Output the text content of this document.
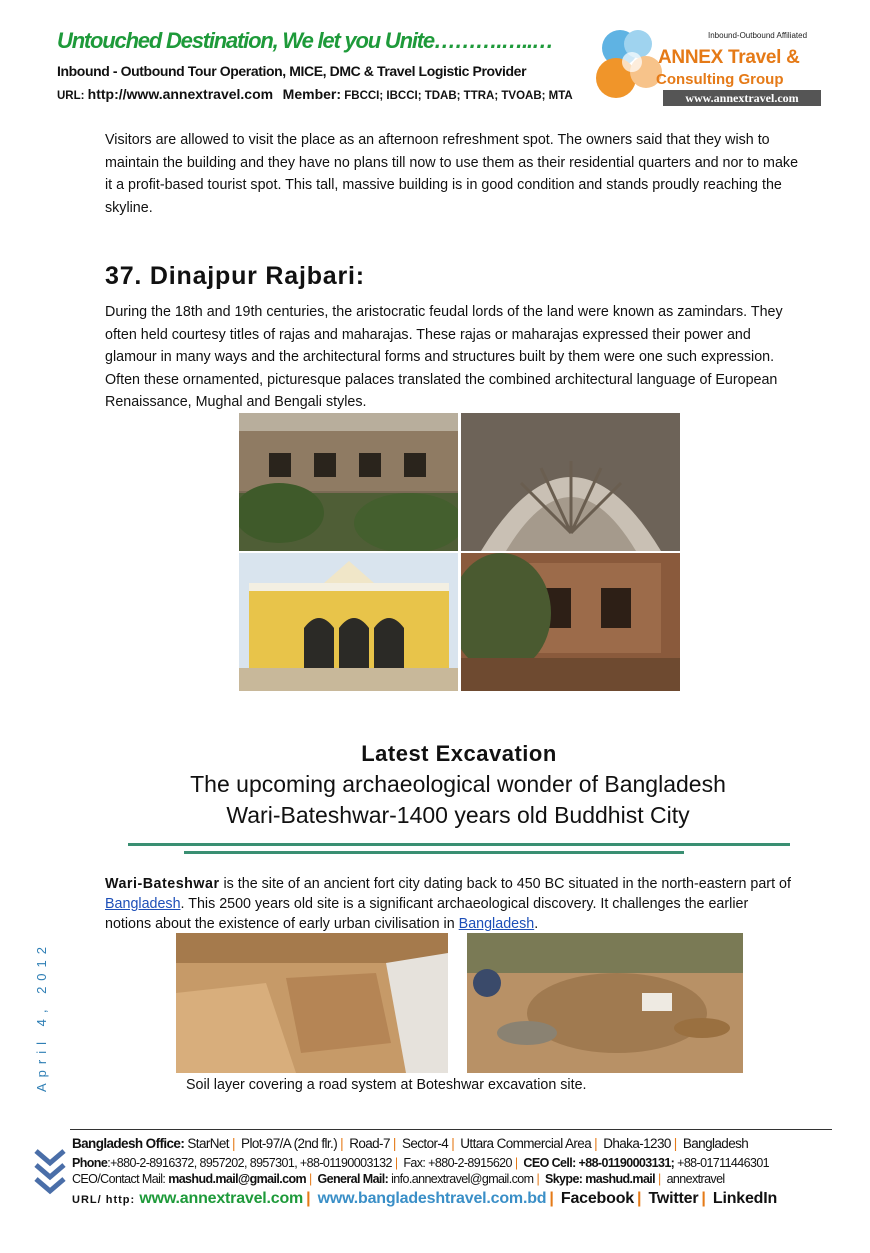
Untouched Destination, We let you Unite……….…..…
Inbound - Outbound Tour Operation, MICE, DMC & Travel Logistic Provider
URL: http://www.annextravel.com Member: FBCCI; IBCCI; TDAB; TTRA; TVOAB; MTA
Inbound-Outbound Affiliated
ANNEX Travel &
Consulting Group
www.annextravel.com

Visitors are allowed to visit the place as an afternoon refreshment spot. The owners said that they wish to maintain the building and they have no plans till now to use them as their residential quarters and nor to make it a profit-based tourist spot. This tall, massive building is in good condition and stands proudly reaching the skyline.

37. Dinajpur Rajbari:

During the 18th and 19th centuries, the aristocratic feudal lords of the land were known as zamindars. They often held courtesy titles of rajas and maharajas. These rajas or maharajas expressed their power and glamour in many ways and the architectural forms and structures built by them were one such expression. Often these ornamented, picturesque palaces translated the combined architectural language of European Renaissance, Mughal and Bengali styles.

Latest Excavation
The upcoming archaeological wonder of Bangladesh
Wari-Bateshwar-1400 years old Buddhist City

Wari-Bateshwar is the site of an ancient fort city dating back to 450 BC situated in the north-eastern part of Bangladesh. This 2500 years old site is a significant archaeological discovery. It challenges the earlier notions about the existence of early urban civilisation in Bangladesh.

Soil layer covering a road system at Boteshwar excavation site.
April 4, 2012
Bangladesh Office: StarNet | Plot-97/A (2nd flr.) | Road-7 | Sector-4 | Uttara Commercial Area | Dhaka-1230 | Bangladesh
Phone:+880-2-8916372, 8957202, 8957301, +88-01190003132 | Fax: +880-2-8915620 | CEO Cell: +88-01190003131; +88-01711446301
CEO/Contact Mail: mashud.mail@gmail.com | General Mail: info.annextravel@gmail.com | Skype: mashud.mail | annextravel
URL/ http: www.annextravel.com | www.bangladeshtravel.com.bd | Facebook | Twitter | LinkedIn
